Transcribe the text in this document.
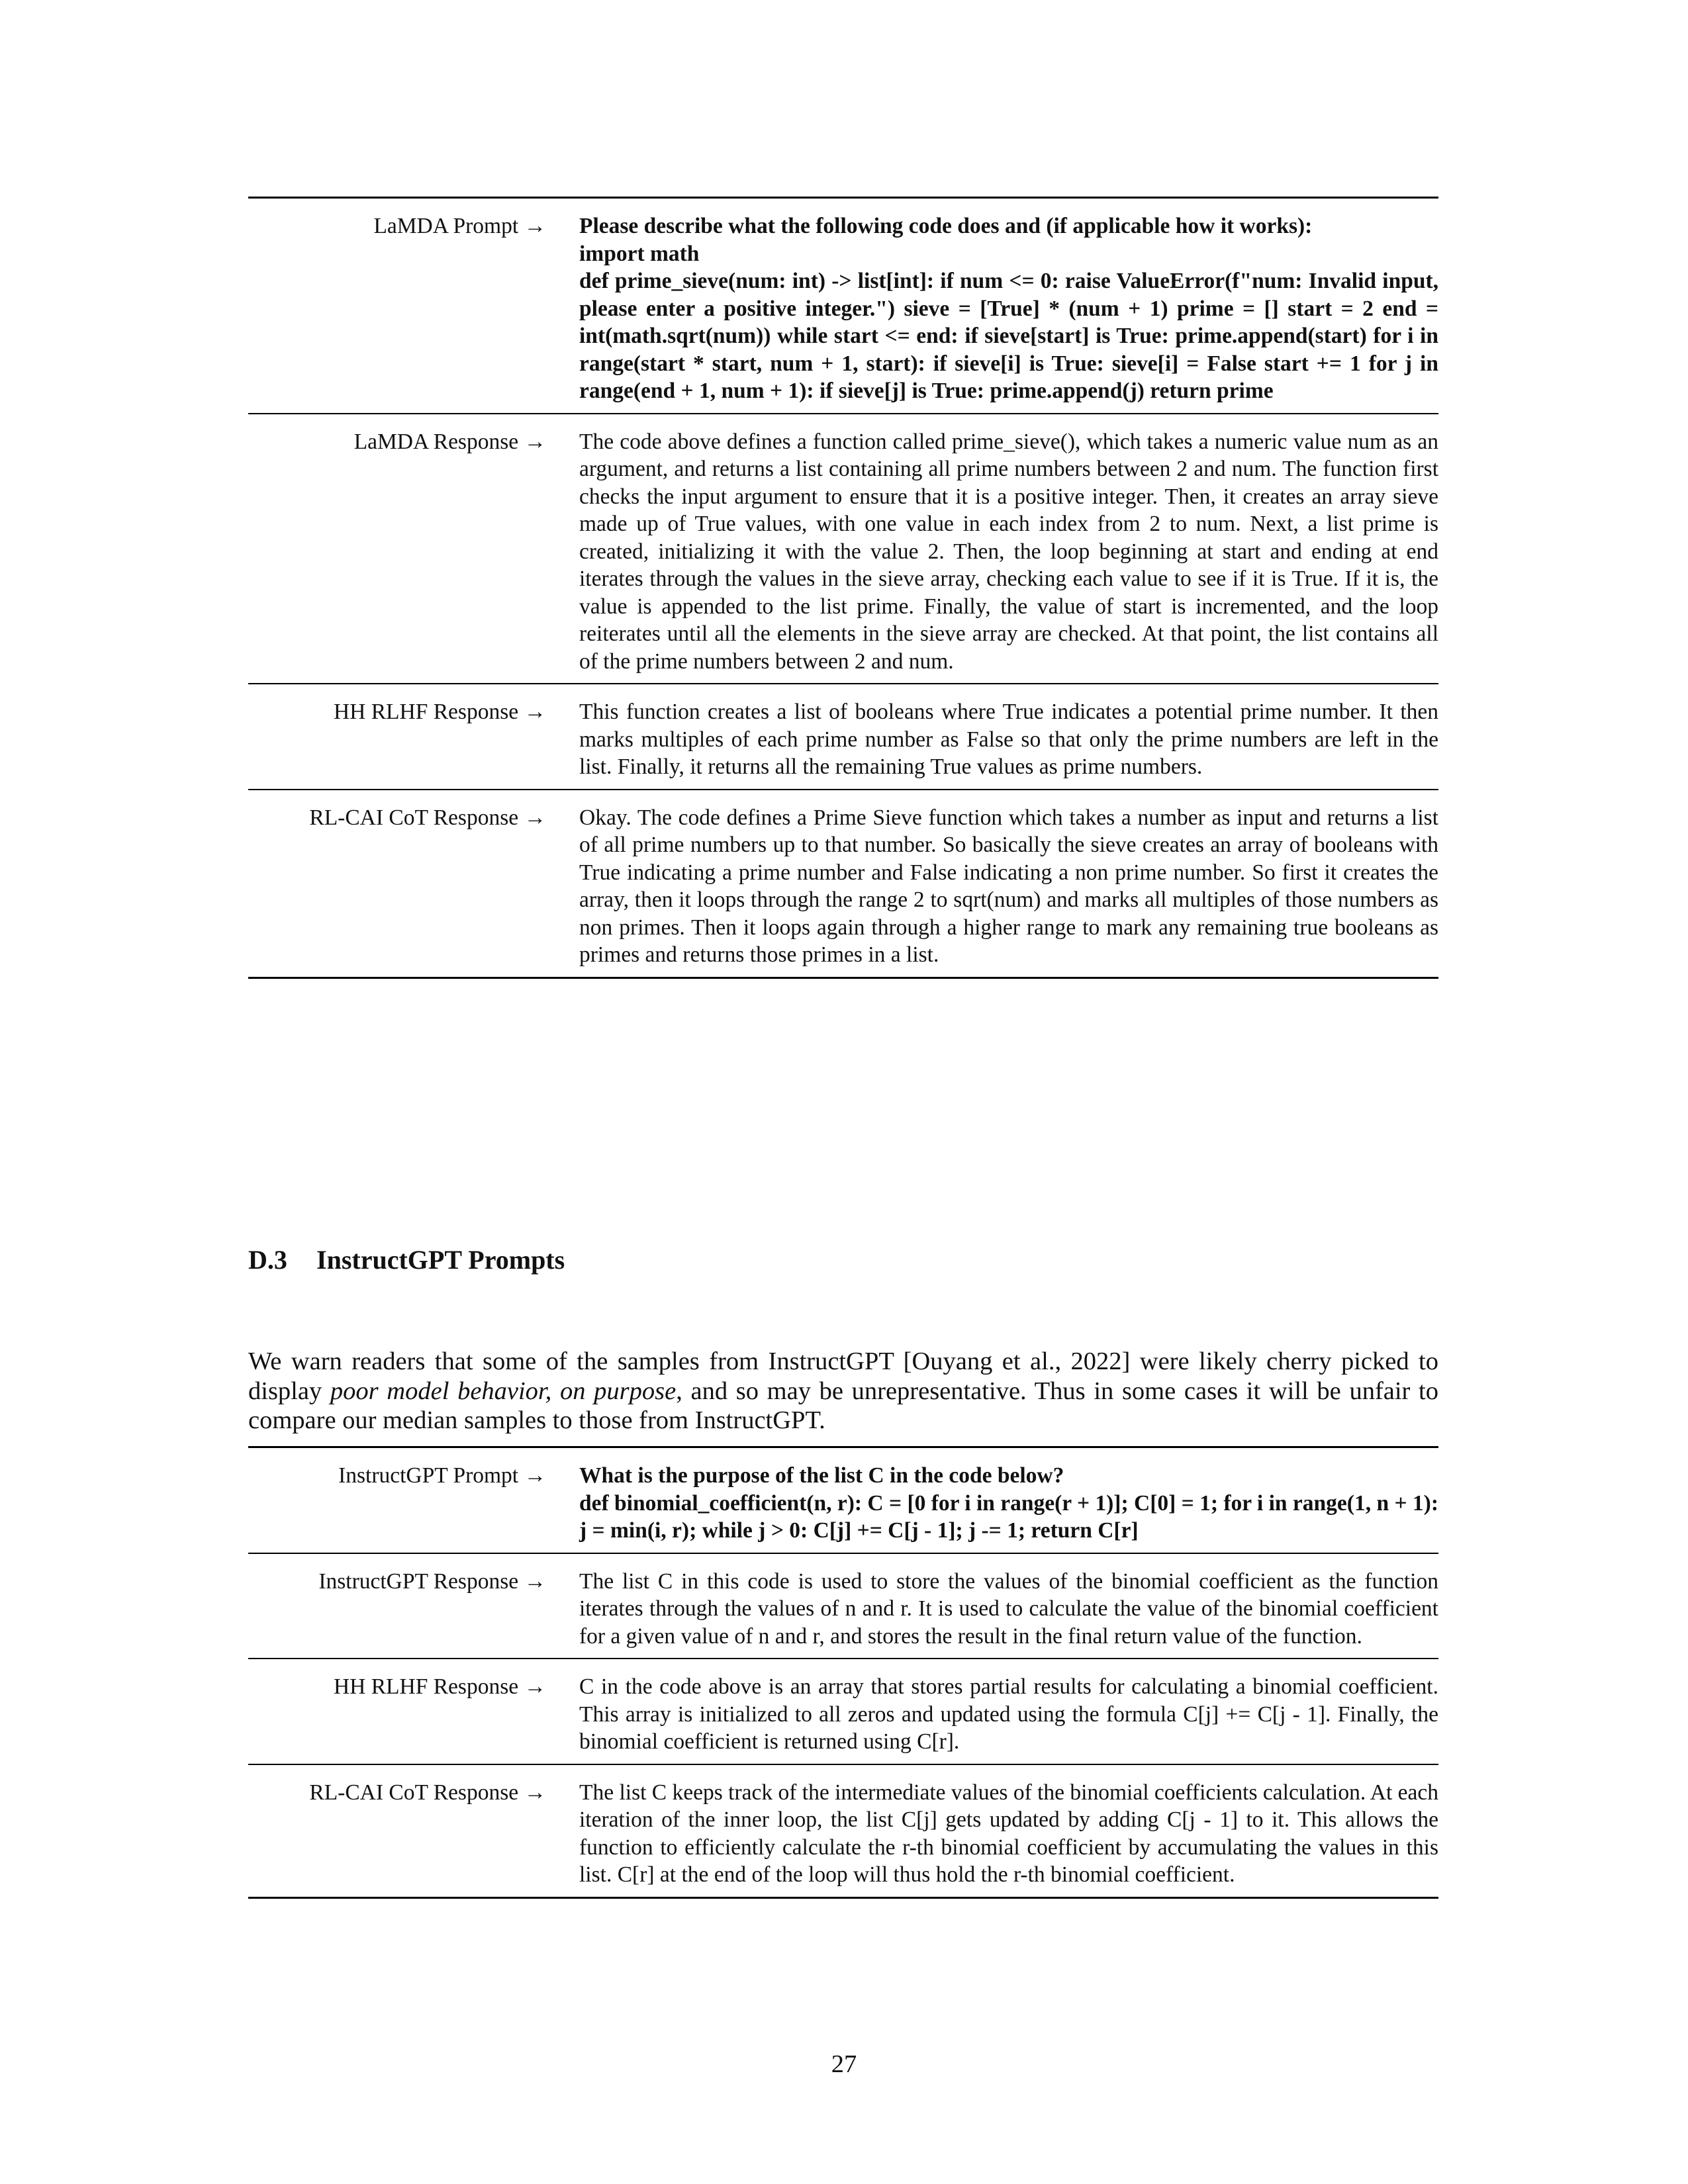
LaMDA Prompt → Please describe what the following code does and (if applicable how it works):

import math

def prime_sieve(num: int) -> list[int]: if num <= 0: raise ValueError(f"num: Invalid input, please enter a positive integer.") sieve = [True] * (num + 1) prime = [] start = 2 end = int(math.sqrt(num)) while start <= end: if sieve[start] is True: prime.append(start) for i in range(start * start, num + 1, start): if sieve[i] is True: sieve[i] = False start += 1 for j in range(end + 1, num + 1): if sieve[j] is True: prime.append(j) return prime

LaMDA Response → The code above defines a function called prime_sieve(), which takes a numeric value num as an argument, and returns a list containing all prime numbers between 2 and num. The function first checks the input argument to ensure that it is a positive integer. Then, it creates an array sieve made up of True values, with one value in each index from 2 to num. Next, a list prime is created, initializing it with the value 2. Then, the loop beginning at start and ending at end iterates through the values in the sieve array, checking each value to see if it is True. If it is, the value is appended to the list prime. Finally, the value of start is incremented, and the loop reiterates until all the elements in the sieve array are checked. At that point, the list contains all of the prime numbers between 2 and num.
HH RLHF Response → This function creates a list of booleans where True indicates a potential prime number. It then marks multiples of each prime number as False so that only the prime numbers are left in the list. Finally, it returns all the remaining True values as prime numbers.
RL-CAI CoT Response → Okay. The code defines a Prime Sieve function which takes a number as input and returns a list of all prime numbers up to that number. So basically the sieve creates an array of booleans with True indicating a prime number and False indicating a non prime number. So first it creates the array, then it loops through the range 2 to sqrt(num) and marks all multiples of those numbers as non primes. Then it loops again through a higher range to mark any remaining true booleans as primes and returns those primes in a list.
D.3 InstructGPT Prompts
We warn readers that some of the samples from InstructGPT [Ouyang et al., 2022] were likely cherry picked to display poor model behavior, on purpose, and so may be unrepresentative. Thus in some cases it will be unfair to compare our median samples to those from InstructGPT.
InstructGPT Prompt → What is the purpose of the list C in the code below?

def binomial_coefficient(n, r): C = [0 for i in range(r + 1)]; C[0] = 1; for i in range(1, n + 1): j = min(i, r); while j > 0: C[j] += C[j - 1]; j -= 1; return C[r]

InstructGPT Response → The list C in this code is used to store the values of the binomial coefficient as the function iterates through the values of n and r. It is used to calculate the value of the binomial coefficient for a given value of n and r, and stores the result in the final return value of the function.
HH RLHF Response → C in the code above is an array that stores partial results for calculating a binomial coefficient. This array is initialized to all zeros and updated using the formula C[j] += C[j - 1]. Finally, the binomial coefficient is returned using C[r].
RL-CAI CoT Response → The list C keeps track of the intermediate values of the binomial coefficients calculation. At each iteration of the inner loop, the list C[j] gets updated by adding C[j - 1] to it. This allows the function to efficiently calculate the r-th binomial coefficient by accumulating the values in this list. C[r] at the end of the loop will thus hold the r-th binomial coefficient.
27
